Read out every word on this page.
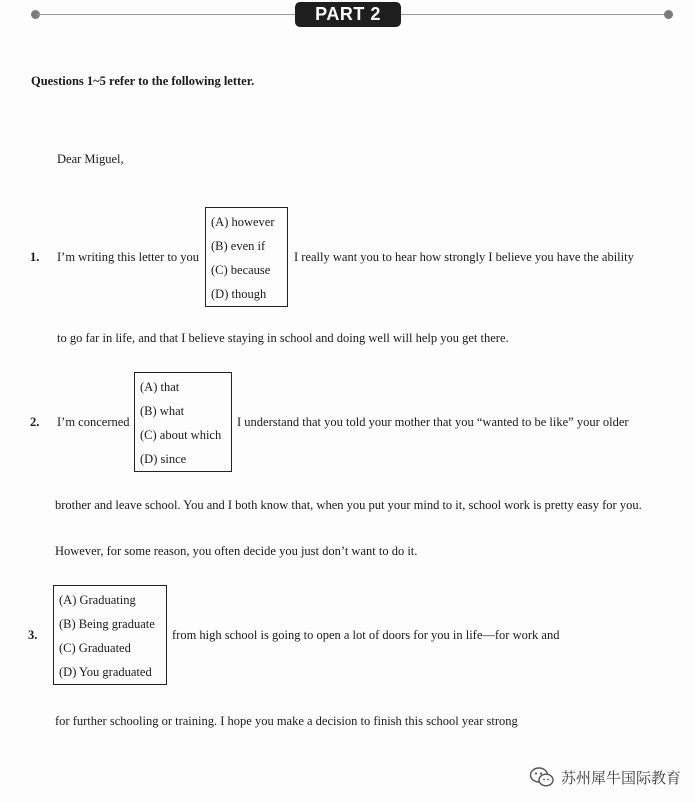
PART 2
Questions 1~5 refer to the following letter.
Dear Miguel,
1. I’m writing this letter to you
(A) however
(B) even if
(C) because
(D) though
I really want you to hear how strongly I believe you have the ability
to go far in life, and that I believe staying in school and doing well will help you get there.
2. I’m concerned
(A) that
(B) what
(C) about which
(D) since
I understand that you told your mother that you “wanted to be like” your older
brother and leave school. You and I both know that, when you put your mind to it, school work is pretty easy for you.
However, for some reason, you often decide you just don’t want to do it.
3.
(A) Graduating
(B) Being graduate
(C) Graduated
(D) You graduated
from high school is going to open a lot of doors for you in life—for work and
for further schooling or training. I hope you make a decision to finish this school year strong
苏州犀牛国际教育
